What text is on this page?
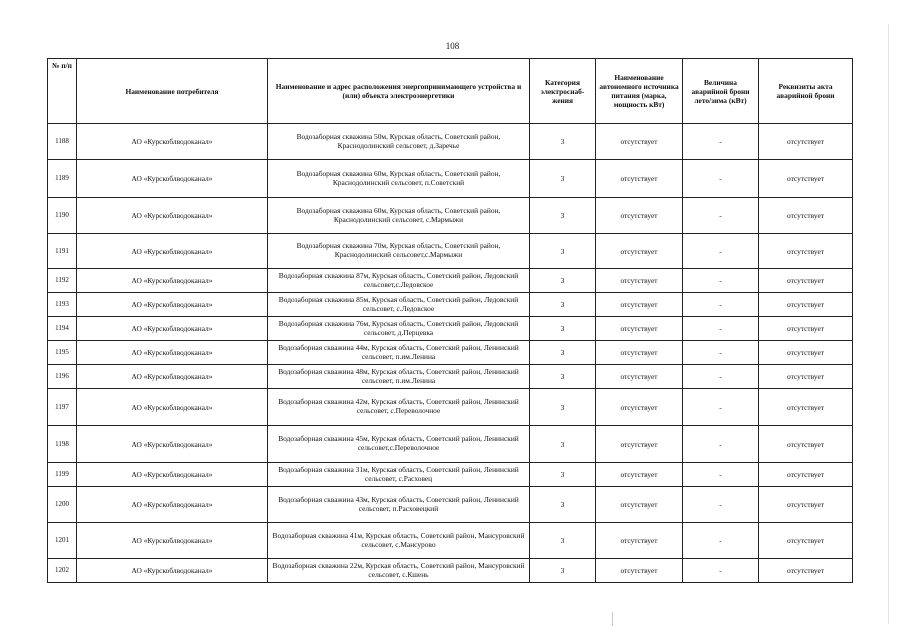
108
№ п/п	Наименование потребителя	Наименование и адрес расположения энергопринимающего устройства и (или) объекта электроэнергетики	Категория электроснаб-жения	Наименование автономного источника питания (марка, мощность кВт)	Величина аварийной брони лето/зима (кВт)	Реквизиты акта аварийной брони
1188	АО «Курскоблводоканал»	Водозаборная скважина 50м, Курская область, Советский район, Краснодолинский сельсовет, д.Заречье	3	отсутствует	-	отсутствует
1189	АО «Курскоблводоканал»	Водозаборная скважина 60м, Курская область, Советский район, Краснодолинский сельсовет, п.Советский	3	отсутствует	-	отсутствует
1190	АО «Курскоблводоканал»	Водозаборная скважина 60м, Курская область, Советский район, Краснодолинский сельсовет, с.Мармыжи	3	отсутствует	-	отсутствует
1191	АО «Курскоблводоканал»	Водозаборная скважина 70м, Курская область, Советский район, Краснодолинский сельсовет,с.Мармыжи	3	отсутствует	-	отсутствует
1192	АО «Курскоблводоканал»	Водозаборная скважина 87м, Курская область, Советский район, Ледовский сельсовет,с.Ледовское	3	отсутствует	-	отсутствует
1193	АО «Курскоблводоканал»	Водозаборная скважина 85м, Курская область, Советский район, Ледовский сельсовет, с.Ледовское	3	отсутствует	-	отсутствует
1194	АО «Курскоблводоканал»	Водозаборная скважина 76м, Курская область, Советский район, Ледовский сельсовет, д.Перцевка	3	отсутствует	-	отсутствует
1195	АО «Курскоблводоканал»	Водозаборная скважина 44м, Курская область, Советский район, Ленинский сельсовет, п.им.Ленина	3	отсутствует	-	отсутствует
1196	АО «Курскоблводоканал»	Водозаборная скважина 48м, Курская область, Советский район, Ленинский сельсовет, п.им.Ленина	3	отсутствует	-	отсутствует
1197	АО «Курскоблводоканал»	Водозаборная скважина 42м, Курская область, Советский район, Ленинский сельсовет, с.Переволочное	3	отсутствует	-	отсутствует
1198	АО «Курскоблводоканал»	Водозаборная скважина 45м, Курская область, Советский район, Ленинский сельсовет,с.Переволочное	3	отсутствует	-	отсутствует
1199	АО «Курскоблводоканал»	Водозаборная скважина 31м, Курская область, Советский район, Ленинский сельсовет, с.Расховец	3	отсутствует	-	отсутствует
1200	АО «Курскоблводоканал»	Водозаборная скважина 43м, Курская область, Советский район, Ленинский сельсовет, п.Расховецкий	3	отсутствует	-	отсутствует
1201	АО «Курскоблводоканал»	Водозаборная скважина 41м, Курская область, Советский район, Мансуровский сельсовет, с.Мансурово	3	отсутствует	-	отсутствует
1202	АО «Курскоблводоканал»	Водозаборная скважина 22м, Курская область, Советский район, Мансуровский сельсовет, с.Кшень	3	отсутствует	-	отсутствует
